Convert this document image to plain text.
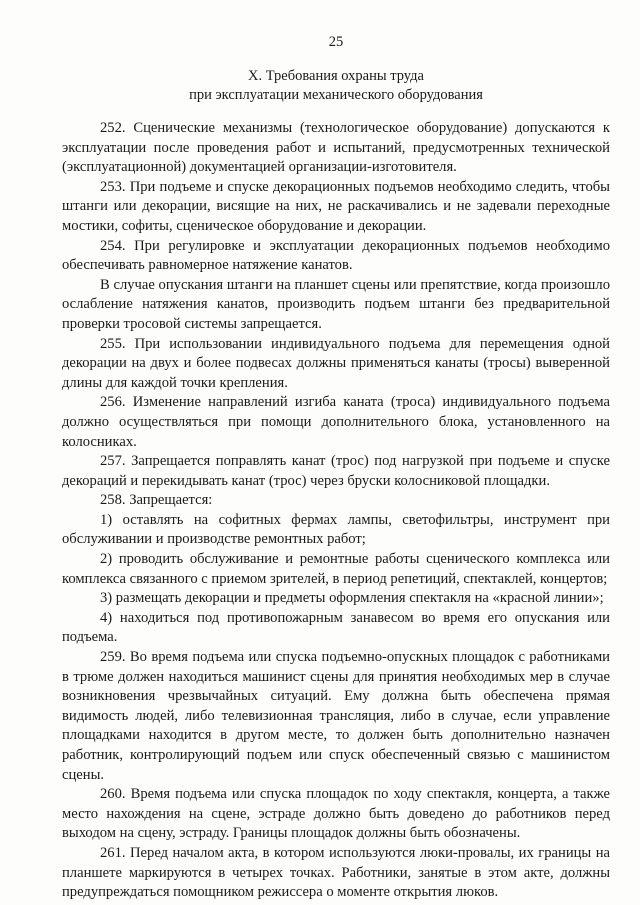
25
X. Требования охраны труда
при эксплуатации механического оборудования

252. Сценические механизмы (технологическое оборудование) допускаются к эксплуатации после проведения работ и испытаний, предусмотренных технической (эксплуатационной) документацией организации-изготовителя.

253. При подъеме и спуске декорационных подъемов необходимо следить, чтобы штанги или декорации, висящие на них, не раскачивались и не задевали переходные мостики, софиты, сценическое оборудование и декорации.

254. При регулировке и эксплуатации декорационных подъемов необходимо обеспечивать равномерное натяжение канатов.

В случае опускания штанги на планшет сцены или препятствие, когда произошло ослабление натяжения канатов, производить подъем штанги без предварительной проверки тросовой системы запрещается.

255. При использовании индивидуального подъема для перемещения одной декорации на двух и более подвесах должны применяться канаты (тросы) выверенной длины для каждой точки крепления.

256. Изменение направлений изгиба каната (троса) индивидуального подъема должно осуществляться при помощи дополнительного блока, установленного на колосниках.

257. Запрещается поправлять канат (трос) под нагрузкой при подъеме и спуске декораций и перекидывать канат (трос) через бруски колосниковой площадки.

258. Запрещается:

1) оставлять на софитных фермах лампы, светофильтры, инструмент при обслуживании и производстве ремонтных работ;

2) проводить обслуживание и ремонтные работы сценического комплекса или комплекса связанного с приемом зрителей, в период репетиций, спектаклей, концертов;

3) размещать декорации и предметы оформления спектакля на «красной линии»;

4) находиться под противопожарным занавесом во время его опускания или подъема.

259. Во время подъема или спуска подъемно-опускных площадок с работниками в трюме должен находиться машинист сцены для принятия необходимых мер в случае возникновения чрезвычайных ситуаций. Ему должна быть обеспечена прямая видимость людей, либо телевизионная трансляция, либо в случае, если управление площадками находится в другом месте, то должен быть дополнительно назначен работник, контролирующий подъем или спуск обеспеченный связью с машинистом сцены.

260. Время подъема или спуска площадок по ходу спектакля, концерта, а также место нахождения на сцене, эстраде должно быть доведено до работников перед выходом на сцену, эстраду. Границы площадок должны быть обозначены.

261. Перед началом акта, в котором используются люки-провалы, их границы на планшете маркируются в четырех точках. Работники, занятые в этом акте, должны предупреждаться помощником режиссера о моменте открытия люков.
